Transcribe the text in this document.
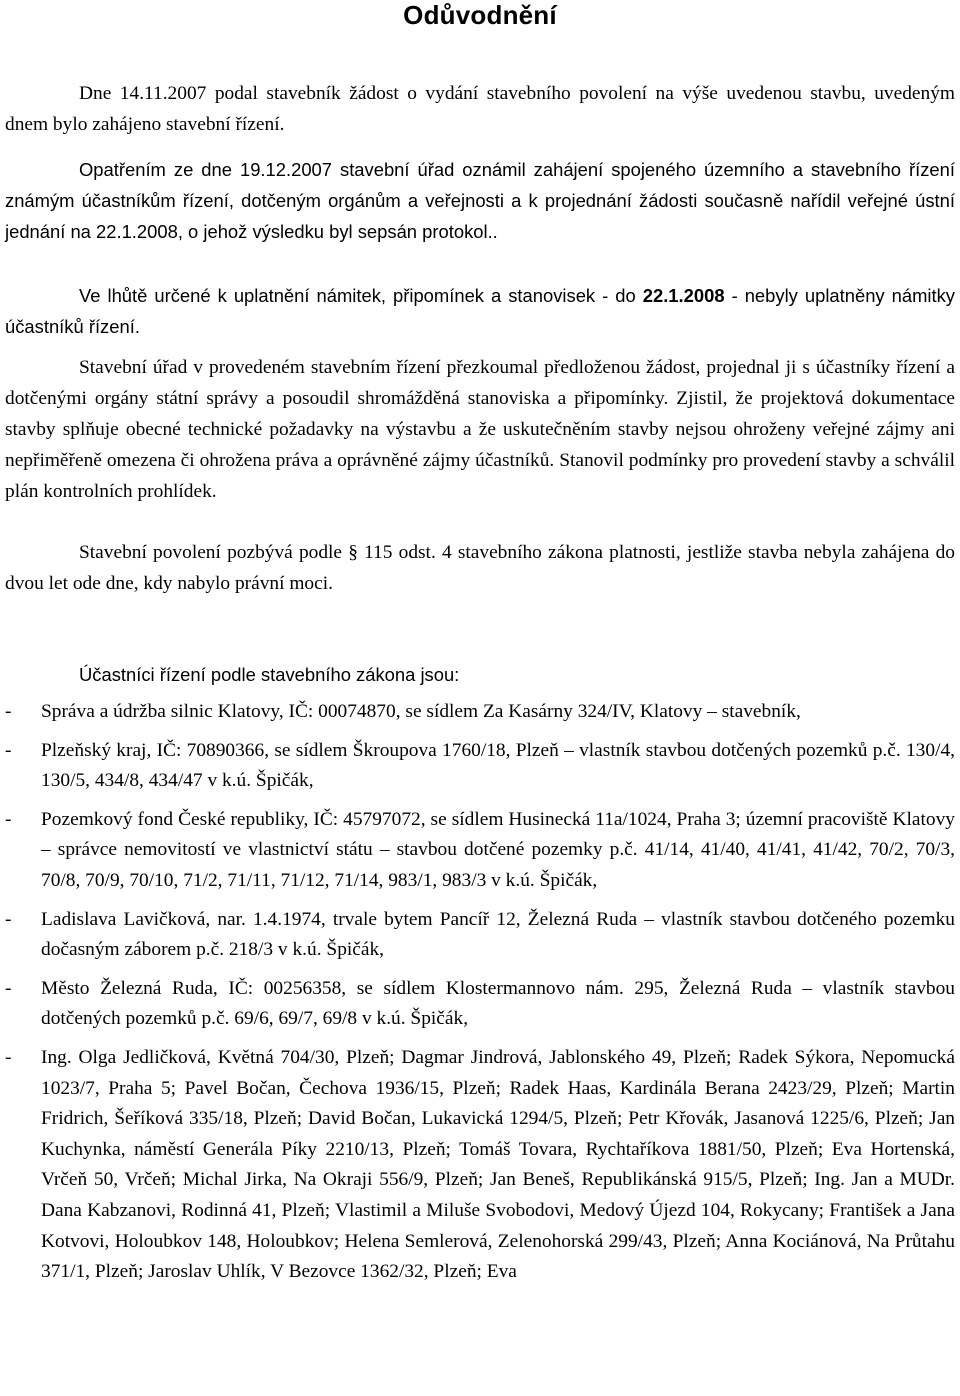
Odůvodnění

Dne 14.11.2007 podal stavebník žádost o vydání stavebního povolení na výše uvedenou stavbu, uvedeným dnem bylo zahájeno stavební řízení.

Opatřením ze dne 19.12.2007 stavební úřad oznámil zahájení spojeného územního a stavebního řízení známým účastníkům řízení, dotčeným orgánům a veřejnosti a k projednání žádosti současně nařídil veřejné ústní jednání na 22.1.2008, o jehož výsledku byl sepsán protokol..

Ve lhůtě určené k uplatnění námitek, připomínek a stanovisek - do 22.1.2008 - nebyly uplatněny námitky účastníků řízení.

Stavební úřad v provedeném stavebním řízení přezkoumal předloženou žádost, projednal ji s účastníky řízení a dotčenými orgány státní správy a posoudil shromážděná stanoviska a připomínky. Zjistil, že projektová dokumentace stavby splňuje obecné technické požadavky na výstavbu a že uskutečněním stavby nejsou ohroženy veřejné zájmy ani nepřiměřeně omezena či ohrožena práva a oprávněné zájmy účastníků. Stanovil podmínky pro provedení stavby a schválil plán kontrolních prohlídek.

Stavební povolení pozbývá podle § 115 odst. 4 stavebního zákona platnosti, jestliže stavba nebyla zahájena do dvou let ode dne, kdy nabylo právní moci.

Účastníci řízení podle stavebního zákona jsou:
- Správa a údržba silnic Klatovy, IČ: 00074870, se sídlem Za Kasárny 324/IV, Klatovy – stavebník,
- Plzeňský kraj, IČ: 70890366, se sídlem Škroupova 1760/18, Plzeň – vlastník stavbou dotčených pozemků p.č. 130/4, 130/5, 434/8, 434/47 v k.ú. Špičák,
- Pozemkový fond České republiky, IČ: 45797072, se sídlem Husinecká 11a/1024, Praha 3; územní pracoviště Klatovy – správce nemovitostí ve vlastnictví státu – stavbou dotčené pozemky p.č. 41/14, 41/40, 41/41, 41/42, 70/2, 70/3, 70/8, 70/9, 70/10, 71/2, 71/11, 71/12, 71/14, 983/1, 983/3 v k.ú. Špičák,
- Ladislava Lavičková, nar. 1.4.1974, trvale bytem Pancíř 12, Železná Ruda – vlastník stavbou dotčeného pozemku dočasným záborem p.č. 218/3 v k.ú. Špičák,
- Město Železná Ruda, IČ: 00256358, se sídlem Klostermannovo nám. 295, Železná Ruda – vlastník stavbou dotčených pozemků p.č. 69/6, 69/7, 69/8 v k.ú. Špičák,
- Ing. Olga Jedličková, Květná 704/30, Plzeň; Dagmar Jindrová, Jablonského 49, Plzeň; Radek Sýkora, Nepomucká 1023/7, Praha 5; Pavel Bočan, Čechova 1936/15, Plzeň; Radek Haas, Kardinála Berana 2423/29, Plzeň; Martin Fridrich, Šeříková 335/18, Plzeň; David Bočan, Lukavická 1294/5, Plzeň; Petr Křovák, Jasanová 1225/6, Plzeň; Jan Kuchynka, náměstí Generála Píky 2210/13, Plzeň; Tomáš Tovara, Rychtaříkova 1881/50, Plzeň; Eva Hortenská, Vrčeň 50, Vrčeň; Michal Jirka, Na Okraji 556/9, Plzeň; Jan Beneš, Republikánská 915/5, Plzeň; Ing. Jan a MUDr. Dana Kabzanovi, Rodinná 41, Plzeň; Vlastimil a Miluše Svobodovi, Medový Újezd 104, Rokycany; František a Jana Kotvovi, Holoubkov 148, Holoubkov; Helena Semlerová, Zelenohorská 299/43, Plzeň; Anna Kociánová, Na Průtahu 371/1, Plzeň; Jaroslav Uhlík, V Bezovce 1362/32, Plzeň; Eva
